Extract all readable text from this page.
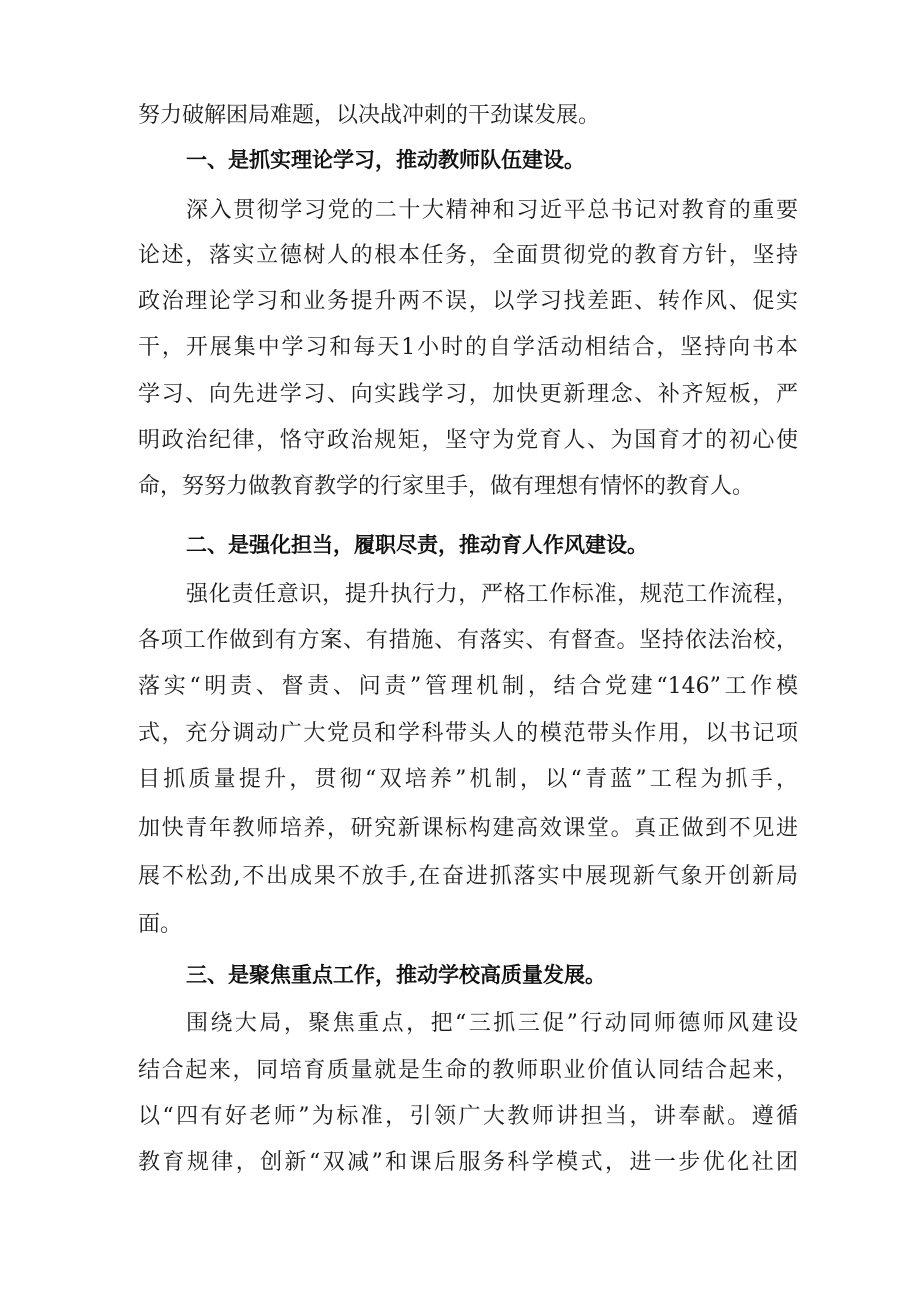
努力破解困局难题，以决战冲刺的干劲谋发展。
一、是抓实理论学习，推动教师队伍建设。
深入贯彻学习党的二十大精神和习近平总书记对教育的重要
论述，落实立德树人的根本任务，全面贯彻党的教育方针，坚持
政治理论学习和业务提升两不误，以学习找差距、转作风、促实
干，开展集中学习和每天1小时的自学活动相结合，坚持向书本
学习、向先进学习、向实践学习，加快更新理念、补齐短板，严
明政治纪律，恪守政治规矩，坚守为党育人、为国育才的初心使
命，努努力做教育教学的行家里手，做有理想有情怀的教育人。
二、是强化担当，履职尽责，推动育人作风建设。
强化责任意识，提升执行力，严格工作标准，规范工作流程，
各项工作做到有方案、有措施、有落实、有督查。坚持依法治校，
落实“明责、督责、问责”管理机制，结合党建“146”工作模
式，充分调动广大党员和学科带头人的模范带头作用，以书记项
目抓质量提升，贯彻“双培养”机制，以“青蓝”工程为抓手，
加快青年教师培养，研究新课标构建高效课堂。真正做到不见进
展不松劲,不出成果不放手,在奋进抓落实中展现新气象开创新局
面。
三、是聚焦重点工作，推动学校高质量发展。
围绕大局，聚焦重点，把“三抓三促”行动同师德师风建设
结合起来，同培育质量就是生命的教师职业价值认同结合起来，
以“四有好老师”为标准，引领广大教师讲担当，讲奉献。遵循
教育规律，创新“双减”和课后服务科学模式，进一步优化社团
